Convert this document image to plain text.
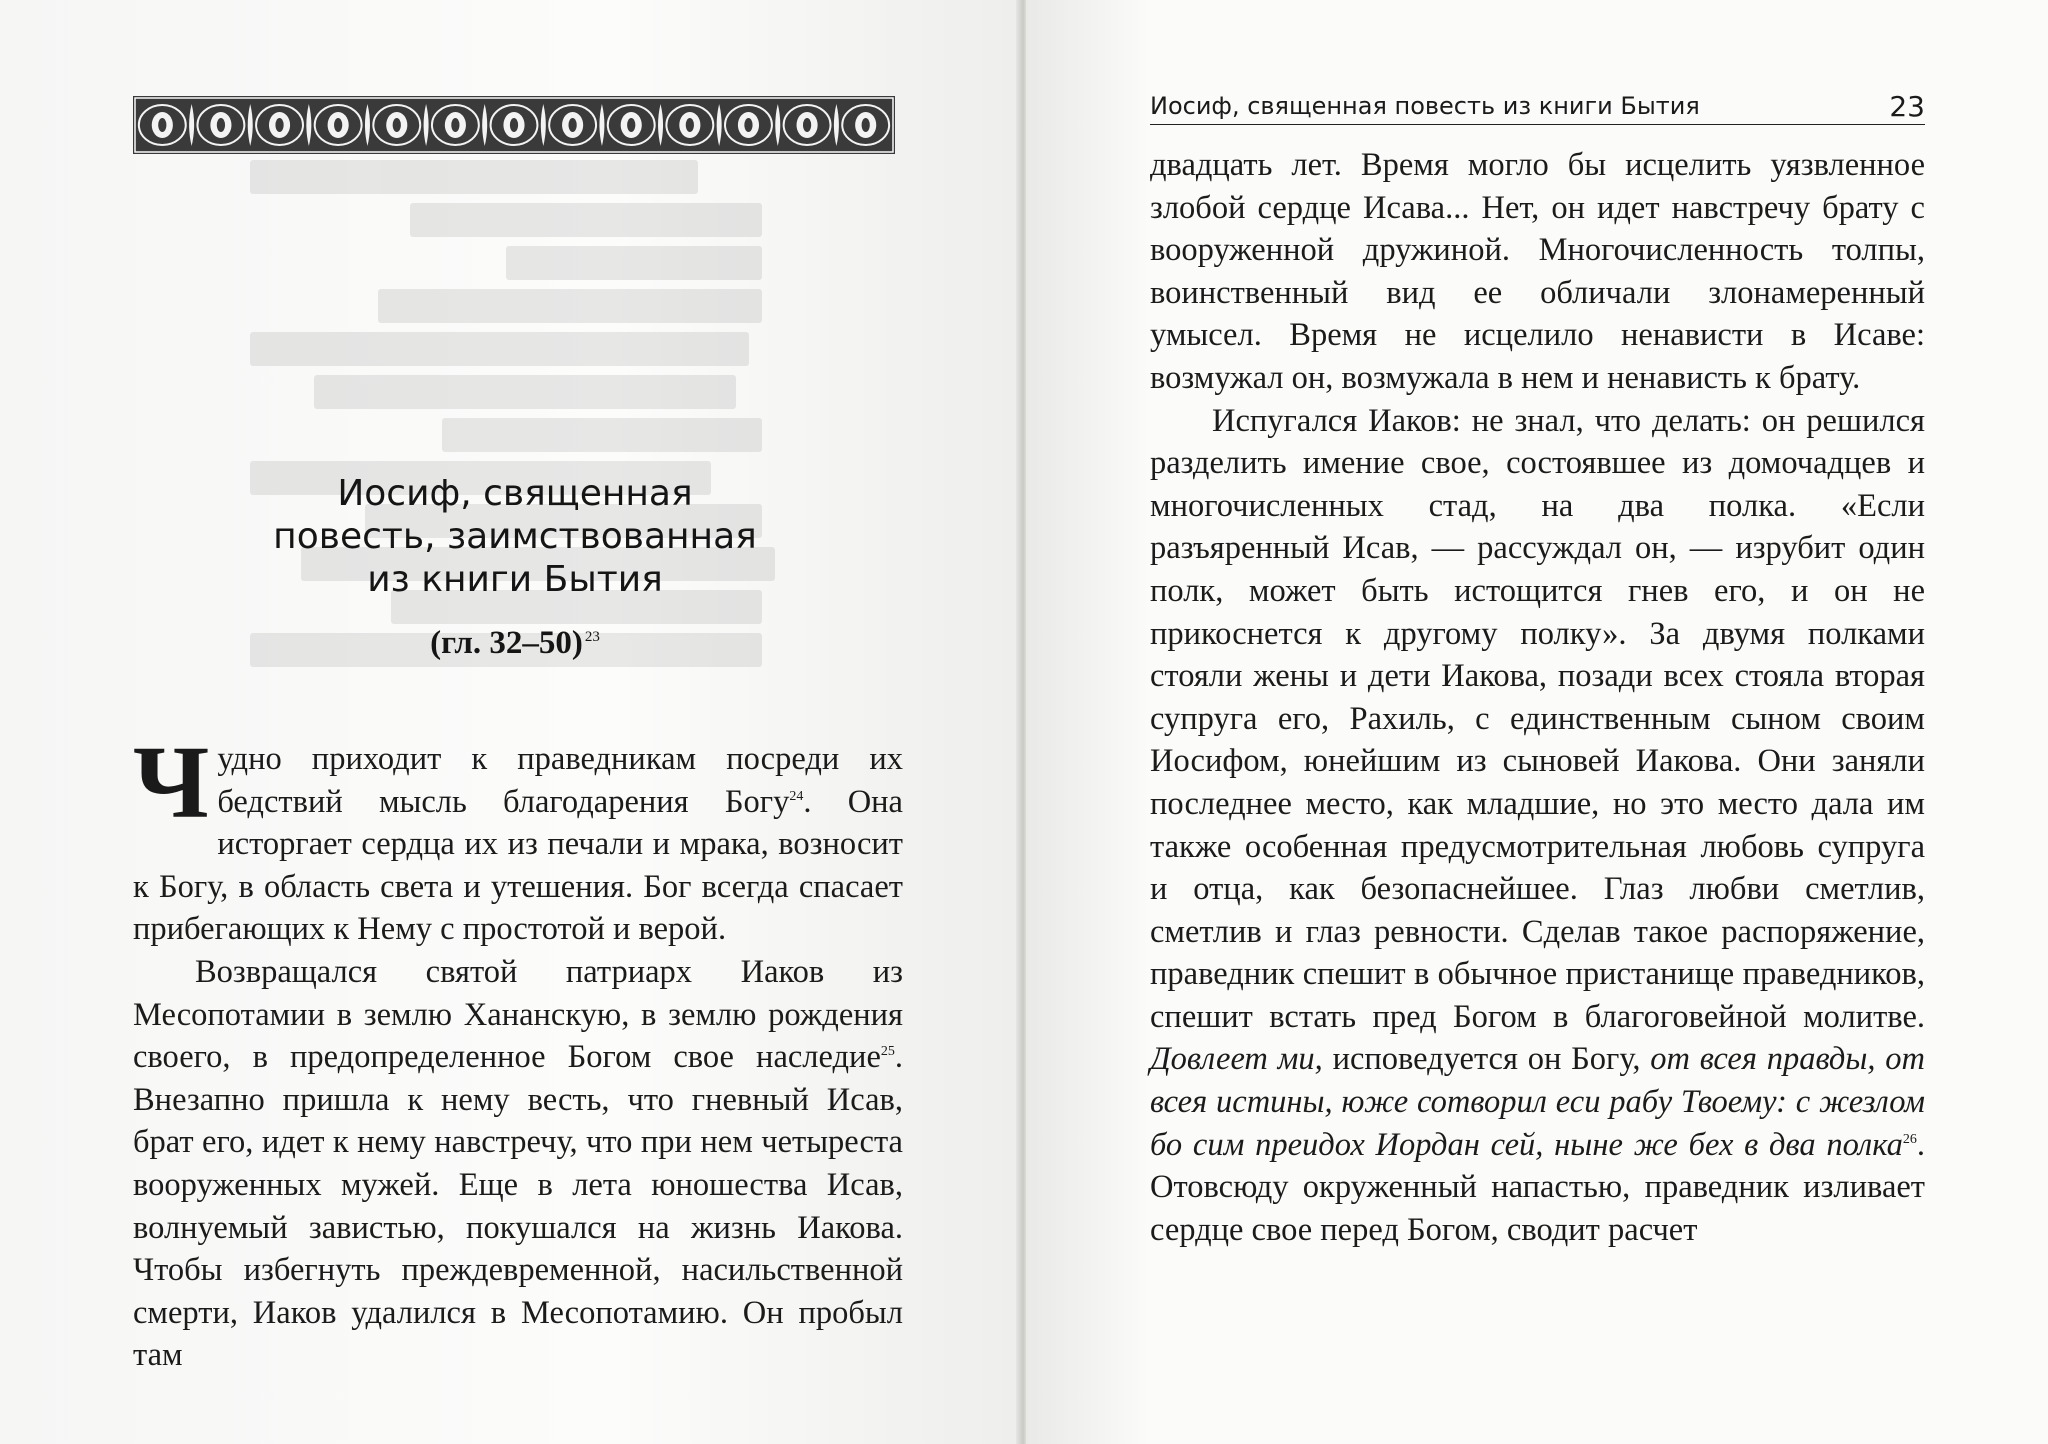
Иосиф, священная
повесть, заимствованная
из книги Бытия
(гл. 32–50) $^{23}$

Чудно приходит к праведникам посреди их бедствий мысль благодарения Богу$^{24}$. Она исторгает сердца их из печали и мрака, возносит к Богу, в область света и утешения. Бог всегда спасает прибегающих к Нему с простотой и верой.

Возвращался святой патриарх Иаков из Месопотамии в землю Хананскую, в землю рождения своего, в предопределенное Богом свое наследие$^{25}$. Внезапно пришла к нему весть, что гневный Исав, брат его, идет к нему навстречу, что при нем четыреста вооруженных мужей. Еще в лета юношества Исав, волнуемый завистью, покушался на жизнь Иакова. Чтобы избегнуть преждевременной, насильственной смерти, Иаков удалился в Месопотамию. Он пробыл там

Иосиф, священная повесть из книги Бытия	23

двадцать лет. Время могло бы исцелить уязвленное злобой сердце Исава... Нет, он идет навстречу брату с вооруженной дружиной. Многочисленность толпы, воинственный вид ее обличали злонамеренный умысел. Время не исцелило ненависти в Исаве: возмужал он, возмужала в нем и ненависть к брату.

Испугался Иаков: не знал, что делать: он решился разделить имение свое, состоявшее из домочадцев и многочисленных стад, на два полка. «Если разъяренный Исав, — рассуждал он, — изрубит один полк, может быть истощится гнев его, и он не прикоснется к другому полку». За двумя полками стояли жены и дети Иакова, позади всех стояла вторая супруга его, Рахиль, с единственным сыном своим Иосифом, юнейшим из сыновей Иакова. Они заняли последнее место, как младшие, но это место дала им также особенная предусмотрительная любовь супруга и отца, как безопаснейшее. Глаз любви сметлив, сметлив и глаз ревности. Сделав такое распоряжение, праведник спешит в обычное пристанище праведников, спешит встать пред Богом в благоговейной молитве. Довлеет ми, исповедуется он Богу, от всея правды, от всея истины, юже сотворил еси рабу Твоему: с жезлом бо сим преидох Иордан сей, ныне же бех в два полка$^{26}$. Отовсюду окруженный напастью, праведник изливает сердце свое перед Богом, сводит расчет
